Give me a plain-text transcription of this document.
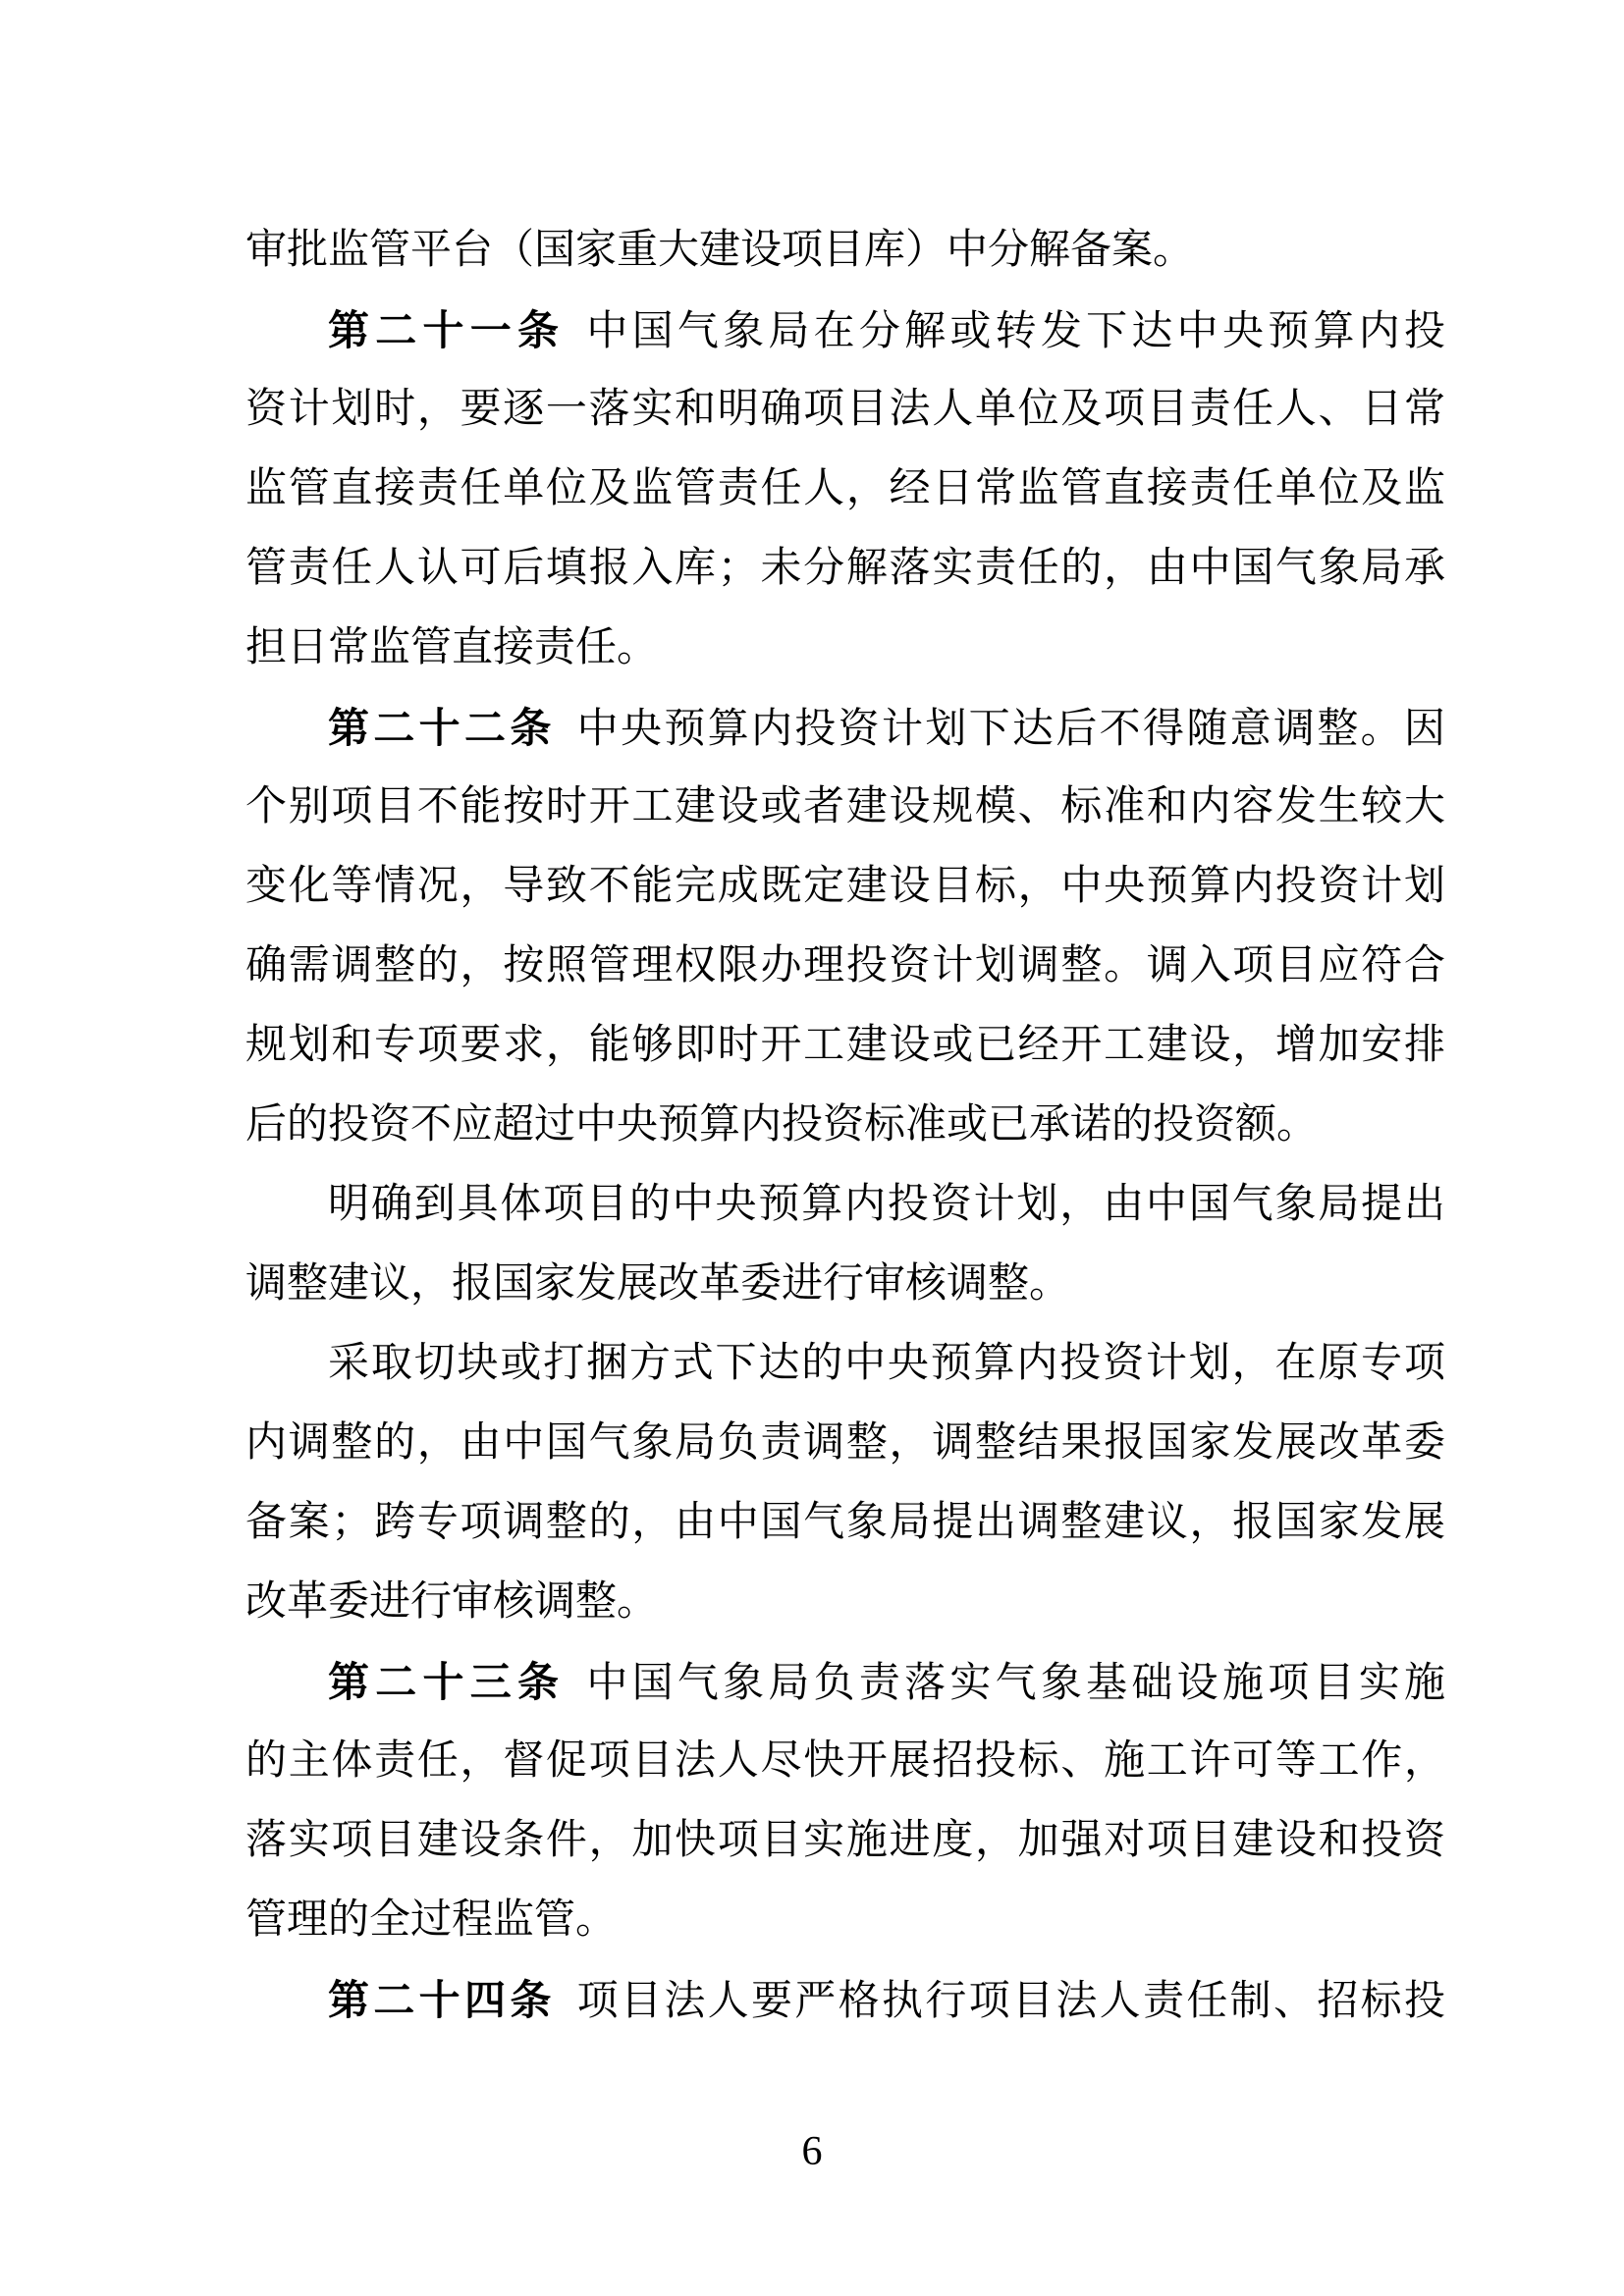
审批监管平台（国家重大建设项目库）中分解备案。
第二十一条 中国气象局在分解或转发下达中央预算内投
资计划时，要逐一落实和明确项目法人单位及项目责任人、日常
监管直接责任单位及监管责任人，经日常监管直接责任单位及监
管责任人认可后填报入库；未分解落实责任的，由中国气象局承
担日常监管直接责任。
第二十二条 中央预算内投资计划下达后不得随意调整。因
个别项目不能按时开工建设或者建设规模、标准和内容发生较大
变化等情况，导致不能完成既定建设目标，中央预算内投资计划
确需调整的，按照管理权限办理投资计划调整。调入项目应符合
规划和专项要求，能够即时开工建设或已经开工建设，增加安排
后的投资不应超过中央预算内投资标准或已承诺的投资额。
明确到具体项目的中央预算内投资计划，由中国气象局提出
调整建议，报国家发展改革委进行审核调整。
采取切块或打捆方式下达的中央预算内投资计划，在原专项
内调整的，由中国气象局负责调整，调整结果报国家发展改革委
备案；跨专项调整的，由中国气象局提出调整建议，报国家发展
改革委进行审核调整。
第二十三条 中国气象局负责落实气象基础设施项目实施
的主体责任，督促项目法人尽快开展招投标、施工许可等工作，
落实项目建设条件，加快项目实施进度，加强对项目建设和投资
管理的全过程监管。
第二十四条 项目法人要严格执行项目法人责任制、招标投
6
